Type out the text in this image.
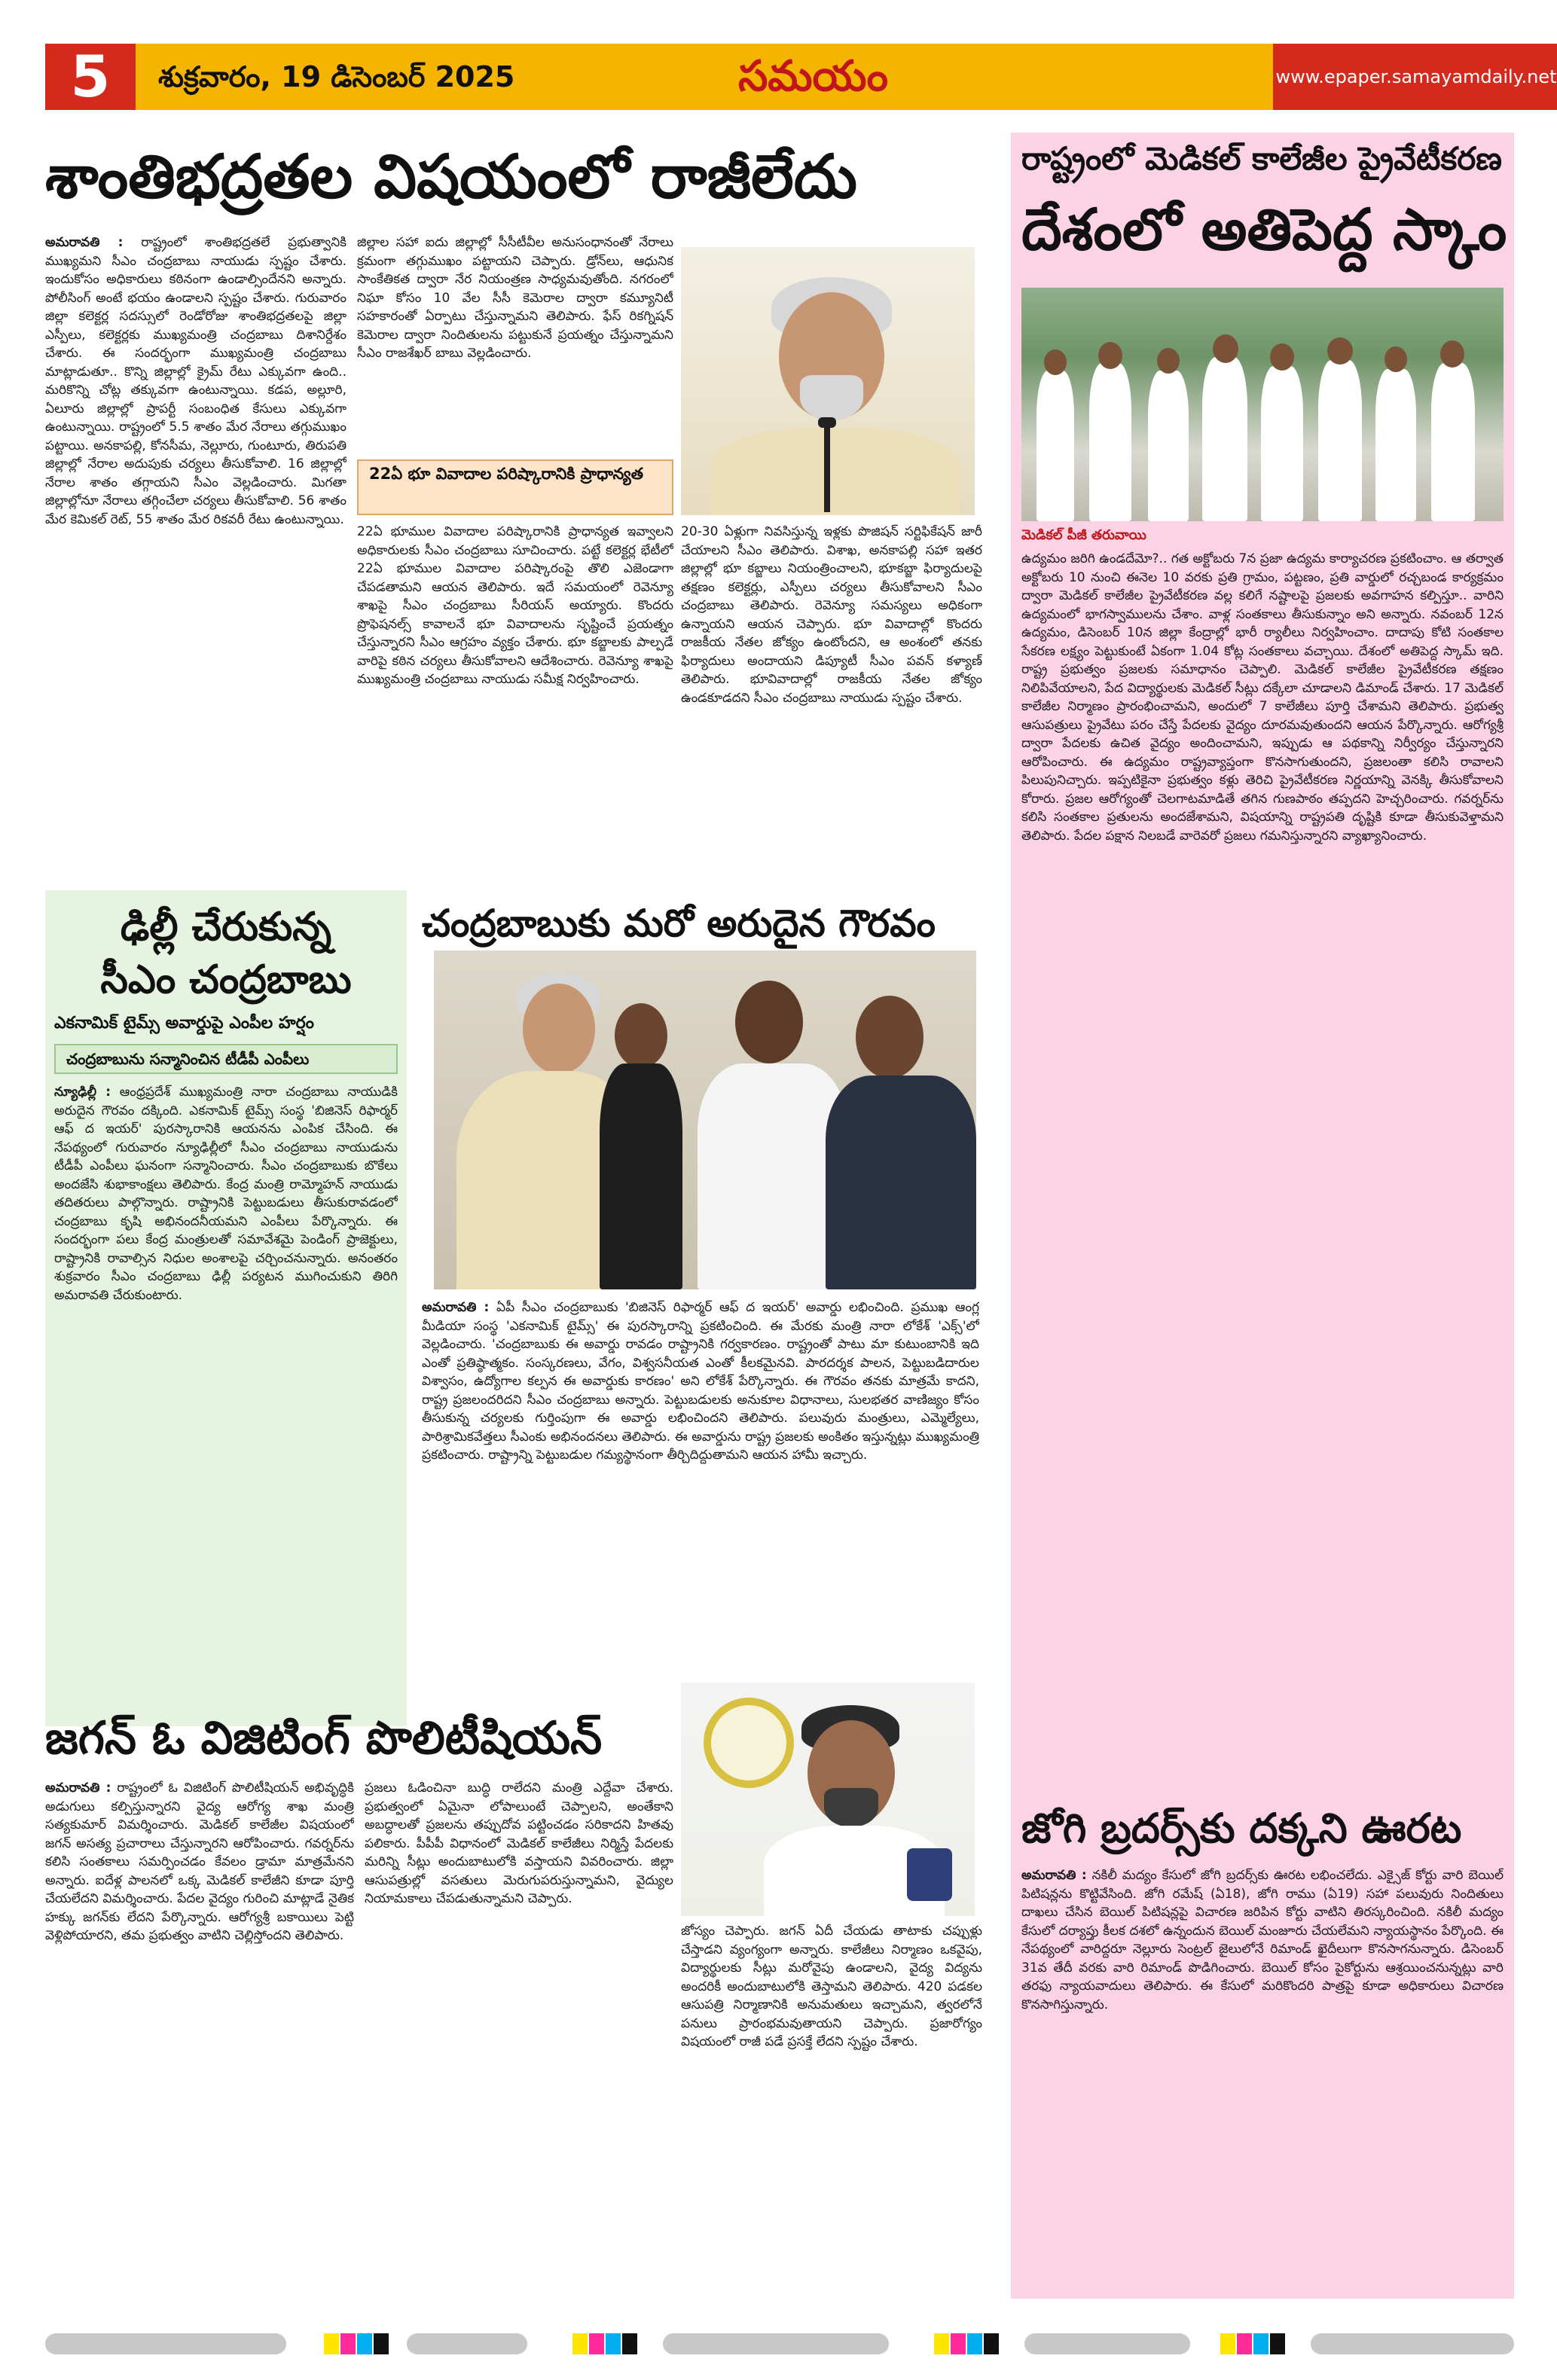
5	శుక్రవారం, 19 డిసెంబర్ 2025	సమయం	www.epaper.samayamdaily.net
శాంతిభద్రతల విషయంలో రాజీలేదు

అమరావతి : రాష్ట్రంలో శాంతిభద్రతలే ప్రభుత్వానికి ముఖ్యమని సీఎం చంద్రబాబు నాయుడు స్పష్టం చేశారు. ఇందుకోసం అధికారులు కఠినంగా ఉండాల్సిందేనని అన్నారు. పోలీసింగ్ అంటే భయం ఉండాలని స్పష్టం చేశారు. గురువారం జిల్లా కలెక్టర్ల సదస్సులో రెండోరోజు శాంతిభద్రతలపై జిల్లా ఎస్పీలు, కలెక్టర్లకు ముఖ్యమంత్రి చంద్రబాబు దిశానిర్దేశం చేశారు. ఈ సందర్భంగా ముఖ్యమంత్రి చంద్రబాబు మాట్లాడుతూ.. కొన్ని జిల్లాల్లో క్రైమ్ రేటు ఎక్కువగా ఉంది.. మరికొన్ని చోట్ల తక్కువగా ఉంటున్నాయి. కడప, అల్లూరి, ఏలూరు జిల్లాల్లో ప్రాపర్టీ సంబంధిత కేసులు ఎక్కువగా ఉంటున్నాయి. రాష్ట్రంలో 5.5 శాతం మేర నేరాలు తగ్గుముఖం పట్టాయి. అనకాపల్లి, కోనసీమ, నెల్లూరు, గుంటూరు, తిరుపతి జిల్లాల్లో నేరాల అదుపుకు చర్యలు తీసుకోవాలి. 16 జిల్లాల్లో నేరాల శాతం తగ్గాయని సీఎం వెల్లడించారు. మిగతా జిల్లాల్లోనూ నేరాలు తగ్గించేలా చర్యలు తీసుకోవాలి. 56 శాతం మేర కెమికల్ రెట్, 55 శాతం మేర రికవరీ రేటు ఉంటున్నాయి.

జిల్లాల సహా ఐదు జిల్లాల్లో సీసీటీవీల అనుసంధానంతో నేరాలు క్రమంగా తగ్గుముఖం పట్టాయని చెప్పారు. డ్రోన్‌లు, ఆధునిక సాంకేతికత ద్వారా నేర నియంత్రణ సాధ్యమవుతోంది. నగరంలో నిఘా కోసం 10 వేల సీసీ కెమెరాల ద్వారా కమ్యూనిటీ సహకారంతో ఏర్పాటు చేస్తున్నామని తెలిపారు. ఫేస్ రికగ్నిషన్ కెమెరాల ద్వారా నిందితులను పట్టుకునే ప్రయత్నం చేస్తున్నామని సీఎం రాజశేఖర్ బాబు వెల్లడించారు.

22ఏ భూ వివాదాల పరిష్కారానికి ప్రాధాన్యత

22ఏ భూముల వివాదాల పరిష్కారానికి ప్రాధాన్యత ఇవ్వాలని అధికారులకు సీఎం చంద్రబాబు సూచించారు. పట్టే కలెక్టర్ల భేటీలో 22ఏ భూముల వివాదాల పరిష్కారంపై తొలి ఎజెండాగా చేపడతామని ఆయన తెలిపారు. ఇదే సమయంలో రెవెన్యూ శాఖపై సీఎం చంద్రబాబు సీరియస్ అయ్యారు. కొందరు ప్రొఫెషనల్స్ కావాలనే భూ వివాదాలను సృష్టించే ప్రయత్నం చేస్తున్నారని సీఎం ఆగ్రహం వ్యక్తం చేశారు. భూ కబ్జాలకు పాల్పడే వారిపై కఠిన చర్యలు తీసుకోవాలని ఆదేశించారు. రెవెన్యూ శాఖపై ముఖ్యమంత్రి చంద్రబాబు నాయుడు సమీక్ష నిర్వహించారు.

20-30 ఏళ్లుగా నివసిస్తున్న ఇళ్లకు పొజిషన్ సర్టిఫికేషన్ జారీ చేయాలని సీఎం తెలిపారు. విశాఖ, అనకాపల్లి సహా ఇతర జిల్లాల్లో భూ కబ్జాలు నియంత్రించాలని, భూకబ్జా ఫిర్యాదులపై తక్షణం కలెక్టర్లు, ఎస్పీలు చర్యలు తీసుకోవాలని సీఎం చంద్రబాబు తెలిపారు. రెవెన్యూ సమస్యలు అధికంగా ఉన్నాయని ఆయన చెప్పారు. భూ వివాదాల్లో కొందరు రాజకీయ నేతల జోక్యం ఉంటోందని, ఆ అంశంలో తనకు ఫిర్యాదులు అందాయని డిప్యూటీ సీఎం పవన్ కళ్యాణ్ తెలిపారు. భూవివాదాల్లో రాజకీయ నేతల జోక్యం ఉండకూడదని సీఎం చంద్రబాబు నాయుడు స్పష్టం చేశారు.

రాష్ట్రంలో మెడికల్ కాలేజీల ప్రైవేటీకరణ
దేశంలో అతిపెద్ద స్కాం
మెడికల్ పీజీ తరువాయి

ఉద్యమం జరిగి ఉండదేమో?.. గత అక్టోబరు 7న ప్రజా ఉద్యమ కార్యాచరణ ప్రకటించాం. ఆ తర్వాత అక్టోబరు 10 నుంచి ఈనెల 10 వరకు ప్రతి గ్రామం, పట్టణం, ప్రతి వార్డులో రచ్చబండ కార్యక్రమం ద్వారా మెడికల్ కాలేజీల ప్రైవేటీకరణ వల్ల కలిగే నష్టాలపై ప్రజలకు అవగాహన కల్పిస్తూ.. వారిని ఉద్యమంలో భాగస్వాములను చేశాం. వాళ్ల సంతకాలు తీసుకున్నాం అని అన్నారు. నవంబర్ 12న ఉద్యమం, డిసెంబర్ 10న జిల్లా కేంద్రాల్లో భారీ ర్యాలీలు నిర్వహించాం. దాదాపు కోటి సంతకాల సేకరణ లక్ష్యం పెట్టుకుంటే ఏకంగా 1.04 కోట్ల సంతకాలు వచ్చాయి. దేశంలో అతిపెద్ద స్కామ్ ఇది. రాష్ట్ర ప్రభుత్వం ప్రజలకు సమాధానం చెప్పాలి. మెడికల్ కాలేజీల ప్రైవేటీకరణ తక్షణం నిలిపివేయాలని, పేద విద్యార్థులకు మెడికల్ సీట్లు దక్కేలా చూడాలని డిమాండ్ చేశారు. 17 మెడికల్ కాలేజీల నిర్మాణం ప్రారంభించామని, అందులో 7 కాలేజీలు పూర్తి చేశామని తెలిపారు. ప్రభుత్వ ఆసుపత్రులు ప్రైవేటు పరం చేస్తే పేదలకు వైద్యం దూరమవుతుందని ఆయన పేర్కొన్నారు. ఆరోగ్యశ్రీ ద్వారా పేదలకు ఉచిత వైద్యం అందించామని, ఇప్పుడు ఆ పథకాన్ని నిర్వీర్యం చేస్తున్నారని ఆరోపించారు. ఈ ఉద్యమం రాష్ట్రవ్యాప్తంగా కొనసాగుతుందని, ప్రజలంతా కలిసి రావాలని పిలుపునిచ్చారు. ఇప్పటికైనా ప్రభుత్వం కళ్లు తెరిచి ప్రైవేటీకరణ నిర్ణయాన్ని వెనక్కి తీసుకోవాలని కోరారు. ప్రజల ఆరోగ్యంతో చెలగాటమాడితే తగిన గుణపాఠం తప్పదని హెచ్చరించారు. గవర్నర్‌ను కలిసి సంతకాల ప్రతులను అందజేశామని, విషయాన్ని రాష్ట్రపతి దృష్టికి కూడా తీసుకువెళ్తామని తెలిపారు. పేదల పక్షాన నిలబడే వారెవరో ప్రజలు గమనిస్తున్నారని వ్యాఖ్యానించారు.

జోగి బ్రదర్స్‌కు దక్కని ఊరట

అమరావతి : నకిలీ మద్యం కేసులో జోగి బ్రదర్స్‌కు ఊరట లభించలేదు. ఎక్సైజ్ కోర్టు వారి బెయిల్ పిటిషన్లను కొట్టివేసింది. జోగి రమేష్ (ఏ18), జోగి రాము (ఏ19) సహా పలువురు నిందితులు దాఖలు చేసిన బెయిల్ పిటిషన్లపై విచారణ జరిపిన కోర్టు వాటిని తిరస్కరించింది. నకిలీ మద్యం కేసులో దర్యాప్తు కీలక దశలో ఉన్నందున బెయిల్ మంజూరు చేయలేమని న్యాయస్థానం పేర్కొంది. ఈ నేపథ్యంలో వారిద్దరూ నెల్లూరు సెంట్రల్ జైలులోనే రిమాండ్ ఖైదీలుగా కొనసాగనున్నారు. డిసెంబర్ 31వ తేదీ వరకు వారి రిమాండ్ పొడిగించారు. బెయిల్ కోసం పైకోర్టును ఆశ్రయించనున్నట్లు వారి తరఫు న్యాయవాదులు తెలిపారు. ఈ కేసులో మరికొందరి పాత్రపై కూడా అధికారులు విచారణ కొనసాగిస్తున్నారు.

ఢిల్లీ చేరుకున్న
సీఎం చంద్రబాబు
ఎకనామిక్ టైమ్స్ అవార్డుపై ఎంపీల హర్షం
చంద్రబాబును సన్మానించిన టీడీపీ ఎంపీలు

న్యూఢిల్లీ : ఆంధ్రప్రదేశ్ ముఖ్యమంత్రి నారా చంద్రబాబు నాయుడికి అరుదైన గౌరవం దక్కింది. ఎకనామిక్ టైమ్స్ సంస్థ 'బిజినెస్ రిఫార్మర్ ఆఫ్ ద ఇయర్' పురస్కారానికి ఆయనను ఎంపిక చేసింది. ఈ నేపథ్యంలో గురువారం న్యూఢిల్లీలో సీఎం చంద్రబాబు నాయుడును టీడీపీ ఎంపీలు ఘనంగా సన్మానించారు. సీఎం చంద్రబాబుకు బొకేలు అందజేసి శుభాకాంక్షలు తెలిపారు. కేంద్ర మంత్రి రామ్మోహన్ నాయుడు తదితరులు పాల్గొన్నారు. రాష్ట్రానికి పెట్టుబడులు తీసుకురావడంలో చంద్రబాబు కృషి అభినందనీయమని ఎంపీలు పేర్కొన్నారు. ఈ సందర్భంగా పలు కేంద్ర మంత్రులతో సమావేశమై పెండింగ్ ప్రాజెక్టులు, రాష్ట్రానికి రావాల్సిన నిధుల అంశాలపై చర్చించనున్నారు. అనంతరం శుక్రవారం సీఎం చంద్రబాబు ఢిల్లీ పర్యటన ముగించుకుని తిరిగి అమరావతి చేరుకుంటారు.

చంద్రబాబుకు మరో అరుదైన గౌరవం

అమరావతి : ఏపీ సీఎం చంద్రబాబుకు 'బిజినెస్ రిఫార్మర్ ఆఫ్ ద ఇయర్' అవార్డు లభించింది. ప్రముఖ ఆంగ్ల మీడియా సంస్థ 'ఎకనామిక్ టైమ్స్' ఈ పురస్కారాన్ని ప్రకటించింది. ఈ మేరకు మంత్రి నారా లోకేశ్ 'ఎక్స్'లో వెల్లడించారు. 'చంద్రబాబుకు ఈ అవార్డు రావడం రాష్ట్రానికి గర్వకారణం. రాష్ట్రంతో పాటు మా కుటుంబానికి ఇది ఎంతో ప్రతిష్ఠాత్మకం. సంస్కరణలు, వేగం, విశ్వసనీయత ఎంతో కీలకమైనవి. పారదర్శక పాలన, పెట్టుబడిదారుల విశ్వాసం, ఉద్యోగాల కల్పన ఈ అవార్డుకు కారణం' అని లోకేశ్ పేర్కొన్నారు. ఈ గౌరవం తనకు మాత్రమే కాదని, రాష్ట్ర ప్రజలందరిదని సీఎం చంద్రబాబు అన్నారు. పెట్టుబడులకు అనుకూల విధానాలు, సులభతర వాణిజ్యం కోసం తీసుకున్న చర్యలకు గుర్తింపుగా ఈ అవార్డు లభించిందని తెలిపారు. పలువురు మంత్రులు, ఎమ్మెల్యేలు, పారిశ్రామికవేత్తలు సీఎంకు అభినందనలు తెలిపారు. ఈ అవార్డును రాష్ట్ర ప్రజలకు అంకితం ఇస్తున్నట్లు ముఖ్యమంత్రి ప్రకటించారు. రాష్ట్రాన్ని పెట్టుబడుల గమ్యస్థానంగా తీర్చిదిద్దుతామని ఆయన హామీ ఇచ్చారు.

జగన్ ఓ విజిటింగ్ పొలిటీషియన్

అమరావతి : రాష్ట్రంలో ఓ విజిటింగ్ పొలిటీషియన్ అభివృద్ధికి అడుగులు కల్పిస్తున్నారని వైద్య ఆరోగ్య శాఖ మంత్రి సత్యకుమార్ విమర్శించారు. మెడికల్ కాలేజీల విషయంలో జగన్ అసత్య ప్రచారాలు చేస్తున్నారని ఆరోపించారు. గవర్నర్‌ను కలిసి సంతకాలు సమర్పించడం కేవలం డ్రామా మాత్రమేనని అన్నారు. ఐదేళ్ల పాలనలో ఒక్క మెడికల్ కాలేజీని కూడా పూర్తి చేయలేదని విమర్శించారు. పేదల వైద్యం గురించి మాట్లాడే నైతిక హక్కు జగన్‌కు లేదని పేర్కొన్నారు. ఆరోగ్యశ్రీ బకాయిలు పెట్టి వెళ్లిపోయారని, తమ ప్రభుత్వం వాటిని చెల్లిస్తోందని తెలిపారు.

ప్రజలు ఓడించినా బుద్ధి రాలేదని మంత్రి ఎద్దేవా చేశారు. ప్రభుత్వంలో ఏమైనా లోపాలుంటే చెప్పాలని, అంతేకాని అబద్ధాలతో ప్రజలను తప్పుదోవ పట్టించడం సరికాదని హితవు పలికారు. పీపీపీ విధానంలో మెడికల్ కాలేజీలు నిర్మిస్తే పేదలకు మరిన్ని సీట్లు అందుబాటులోకి వస్తాయని వివరించారు. జిల్లా ఆసుపత్రుల్లో వసతులు మెరుగుపరుస్తున్నామని, వైద్యుల నియామకాలు చేపడుతున్నామని చెప్పారు.

జోస్యం చెప్పారు. జగన్ ఏదీ చేయడు తాటాకు చప్పుళ్లు చేస్తాడని వ్యంగ్యంగా అన్నారు. కాలేజీలు నిర్మాణం ఒకవైపు, విద్యార్థులకు సీట్లు మరోవైపు ఉండాలని, వైద్య విద్యను అందరికీ అందుబాటులోకి తెస్తామని తెలిపారు. 420 పడకల ఆసుపత్రి నిర్మాణానికి అనుమతులు ఇచ్చామని, త్వరలోనే పనులు ప్రారంభమవుతాయని చెప్పారు. ప్రజారోగ్యం విషయంలో రాజీ పడే ప్రసక్తే లేదని స్పష్టం చేశారు.
